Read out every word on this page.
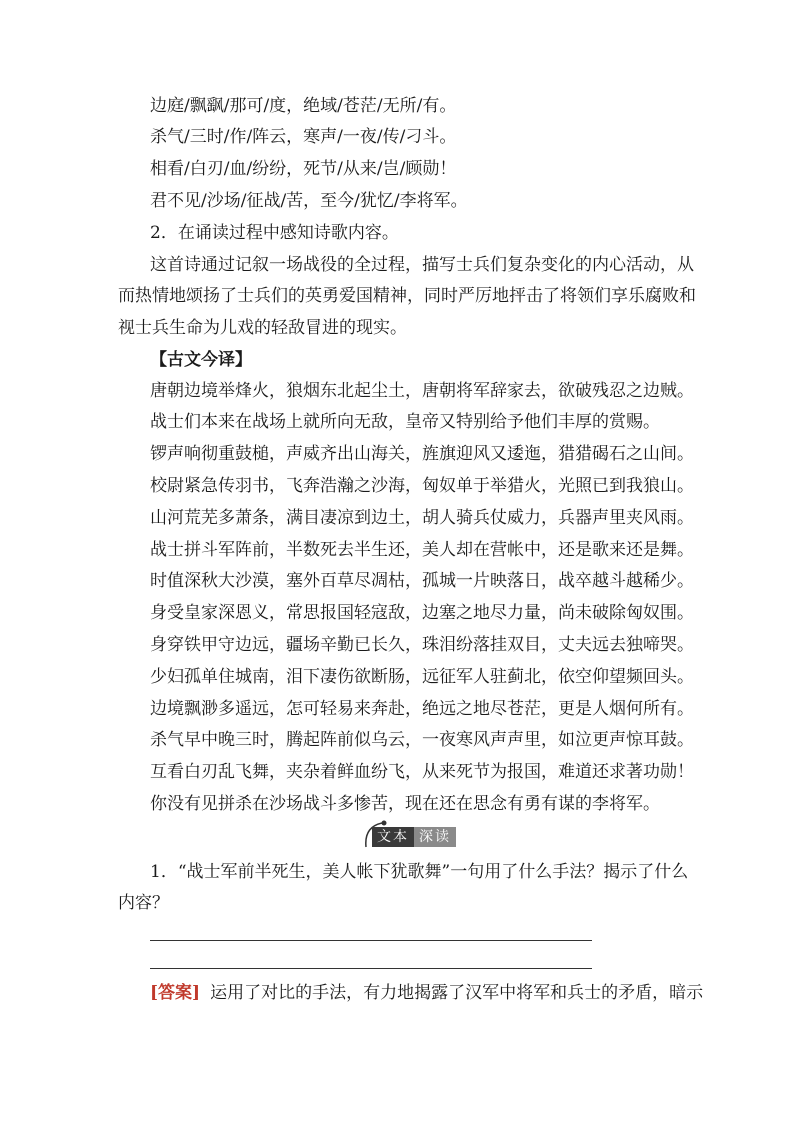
边庭/飘飖/那可/度，绝域/苍茫/无所/有。
杀气/三时/作/阵云，寒声/一夜/传/刁斗。
相看/白刃/血/纷纷，死节/从来/岂/顾勋！
君不见/沙场/征战/苦，至今/犹忆/李将军。
2．在诵读过程中感知诗歌内容。
这首诗通过记叙一场战役的全过程，描写士兵们复杂变化的内心活动，从
而热情地颂扬了士兵们的英勇爱国精神，同时严厉地抨击了将领们享乐腐败和
视士兵生命为儿戏的轻敌冒进的现实。
【古文今译】
唐朝边境举烽火，狼烟东北起尘土，唐朝将军辞家去，欲破残忍之边贼。
战士们本来在战场上就所向无敌，皇帝又特别给予他们丰厚的赏赐。
锣声响彻重鼓槌，声威齐出山海关，旌旗迎风又逶迤，猎猎碣石之山间。
校尉紧急传羽书，飞奔浩瀚之沙海，匈奴单于举猎火，光照已到我狼山。
山河荒芜多萧条，满目凄凉到边土，胡人骑兵仗威力，兵器声里夹风雨。
战士拼斗军阵前，半数死去半生还，美人却在营帐中，还是歌来还是舞。
时值深秋大沙漠，塞外百草尽凋枯，孤城一片映落日，战卒越斗越稀少。
身受皇家深恩义，常思报国轻寇敌，边塞之地尽力量，尚未破除匈奴围。
身穿铁甲守边远，疆场辛勤已长久，珠泪纷落挂双目，丈夫远去独啼哭。
少妇孤单住城南，泪下凄伤欲断肠，远征军人驻蓟北，依空仰望频回头。
边境飘渺多遥远，怎可轻易来奔赴，绝远之地尽苍茫，更是人烟何所有。
杀气早中晚三时，腾起阵前似乌云，一夜寒风声声里，如泣更声惊耳鼓。
互看白刃乱飞舞，夹杂着鲜血纷飞，从来死节为报国，难道还求著功勋！
你没有见拼杀在沙场战斗多惨苦，现在还在思念有勇有谋的李将军。
文本 深读
1．“战士军前半死生，美人帐下犹歌舞”一句用了什么手法？揭示了什么
内容？
[答案] 运用了对比的手法，有力地揭露了汉军中将军和兵士的矛盾，暗示
